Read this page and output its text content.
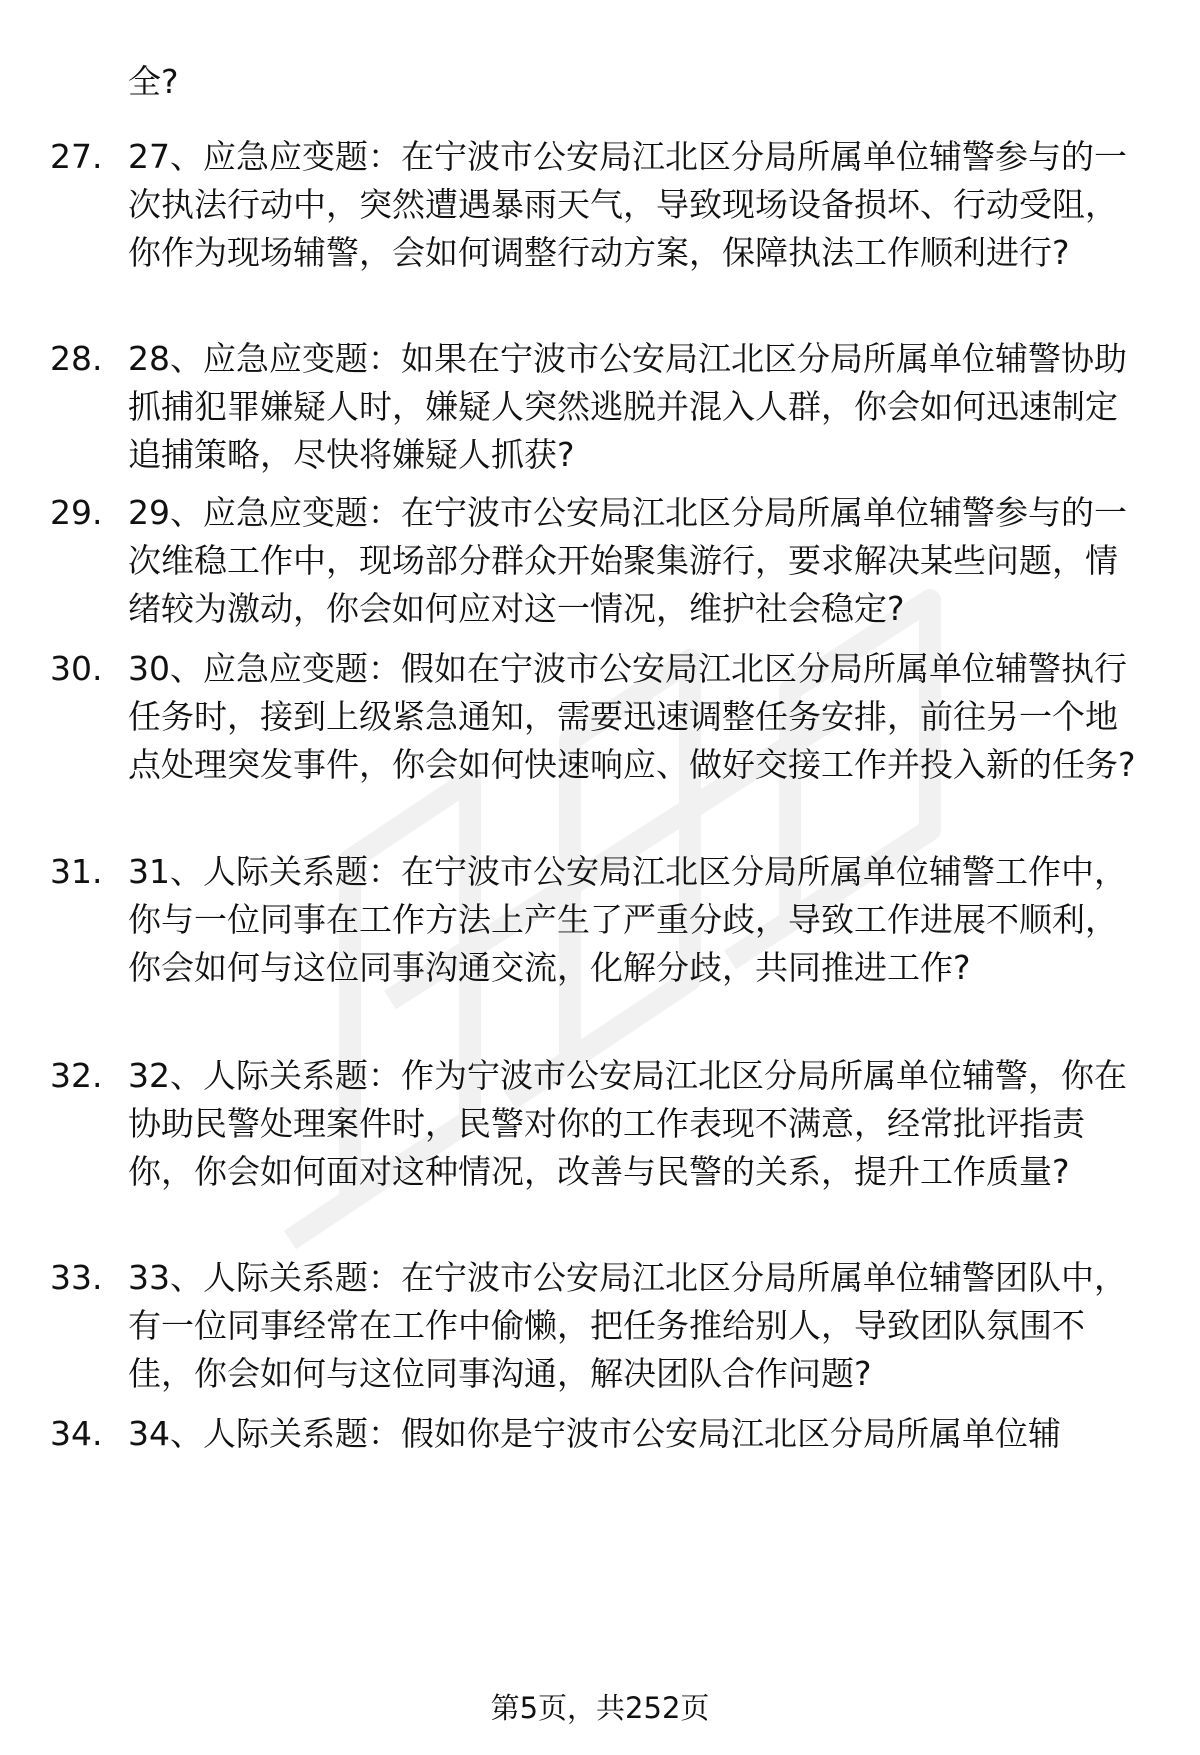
全?

27. 27、应急应变题：在宁波市公安局江北区分局所属单位辅警参与的一次执法行动中，突然遭遇暴雨天气，导致现场设备损坏、行动受阻，你作为现场辅警，会如何调整行动方案，保障执法工作顺利进行?

28. 28、应急应变题：如果在宁波市公安局江北区分局所属单位辅警协助抓捕犯罪嫌疑人时，嫌疑人突然逃脱并混入人群，你会如何迅速制定追捕策略，尽快将嫌疑人抓获?

29. 29、应急应变题：在宁波市公安局江北区分局所属单位辅警参与的一次维稳工作中，现场部分群众开始聚集游行，要求解决某些问题，情绪较为激动，你会如何应对这一情况，维护社会稳定?

30. 30、应急应变题：假如在宁波市公安局江北区分局所属单位辅警执行任务时，接到上级紧急通知，需要迅速调整任务安排，前往另一个地点处理突发事件，你会如何快速响应、做好交接工作并投入新的任务?

31. 31、人际关系题：在宁波市公安局江北区分局所属单位辅警工作中，你与一位同事在工作方法上产生了严重分歧，导致工作进展不顺利，你会如何与这位同事沟通交流，化解分歧，共同推进工作?

32. 32、人际关系题：作为宁波市公安局江北区分局所属单位辅警，你在协助民警处理案件时，民警对你的工作表现不满意，经常批评指责你，你会如何面对这种情况，改善与民警的关系，提升工作质量?

33. 33、人际关系题：在宁波市公安局江北区分局所属单位辅警团队中，有一位同事经常在工作中偷懒，把任务推给别人，导致团队氛围不佳，你会如何与这位同事沟通，解决团队合作问题?

34. 34、人际关系题：假如你是宁波市公安局江北区分局所属单位辅

第5页，共252页
